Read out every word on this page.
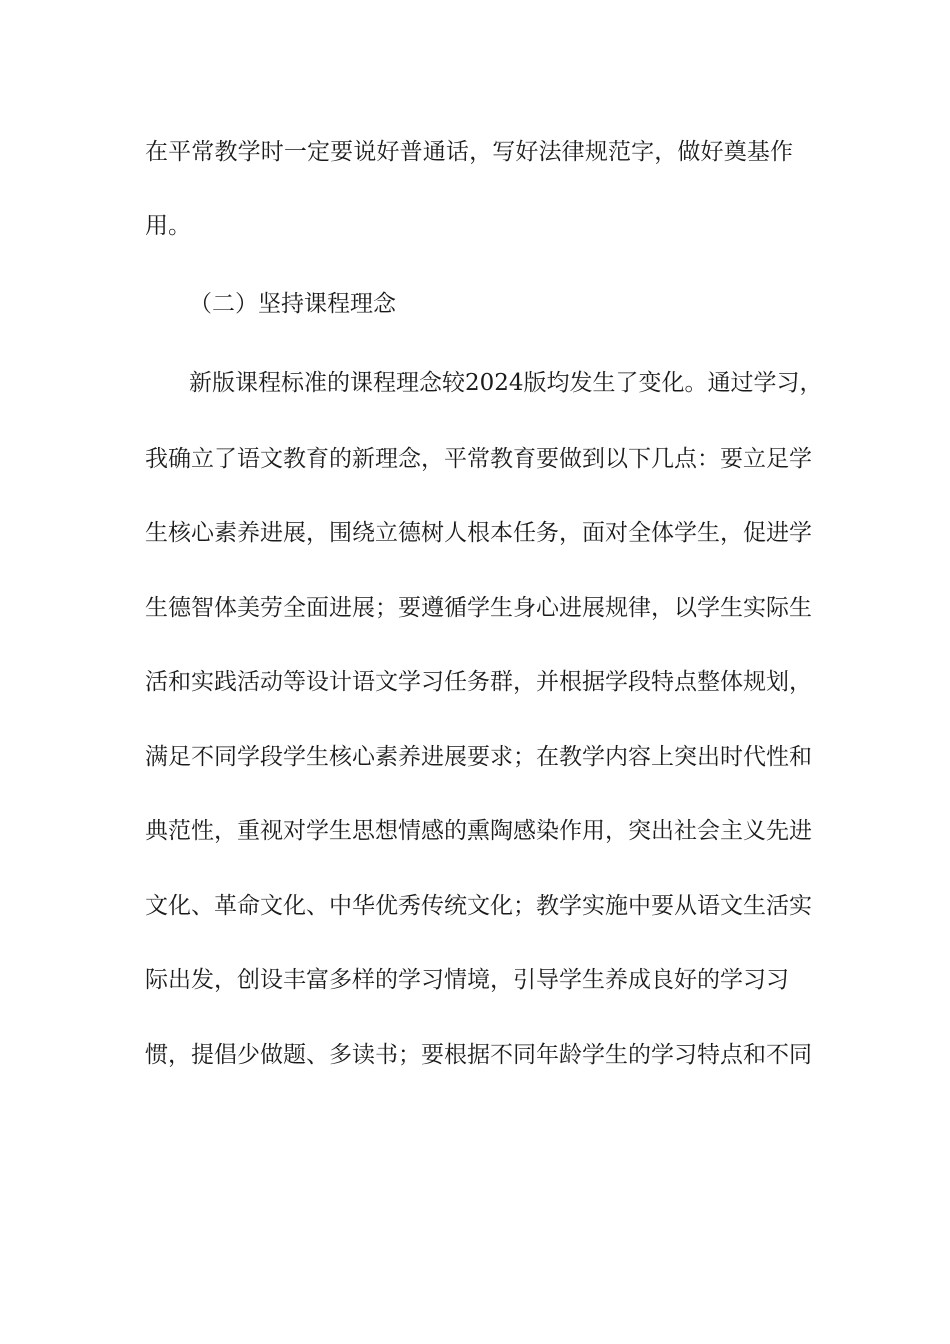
在平常教学时一定要说好普通话，写好法律规范字，做好奠基作
用。
（二）坚持课程理念
新版课程标准的课程理念较2024版均发生了变化。通过学习，
我确立了语文教育的新理念，平常教育要做到以下几点：要立足学
生核心素养进展，围绕立德树人根本任务，面对全体学生，促进学
生德智体美劳全面进展；要遵循学生身心进展规律，以学生实际生
活和实践活动等设计语文学习任务群，并根据学段特点整体规划，
满足不同学段学生核心素养进展要求；在教学内容上突出时代性和
典范性，重视对学生思想情感的熏陶感染作用，突出社会主义先进
文化、革命文化、中华优秀传统文化；教学实施中要从语文生活实
际出发，创设丰富多样的学习情境，引导学生养成良好的学习习
惯，提倡少做题、多读书；要根据不同年龄学生的学习特点和不同
